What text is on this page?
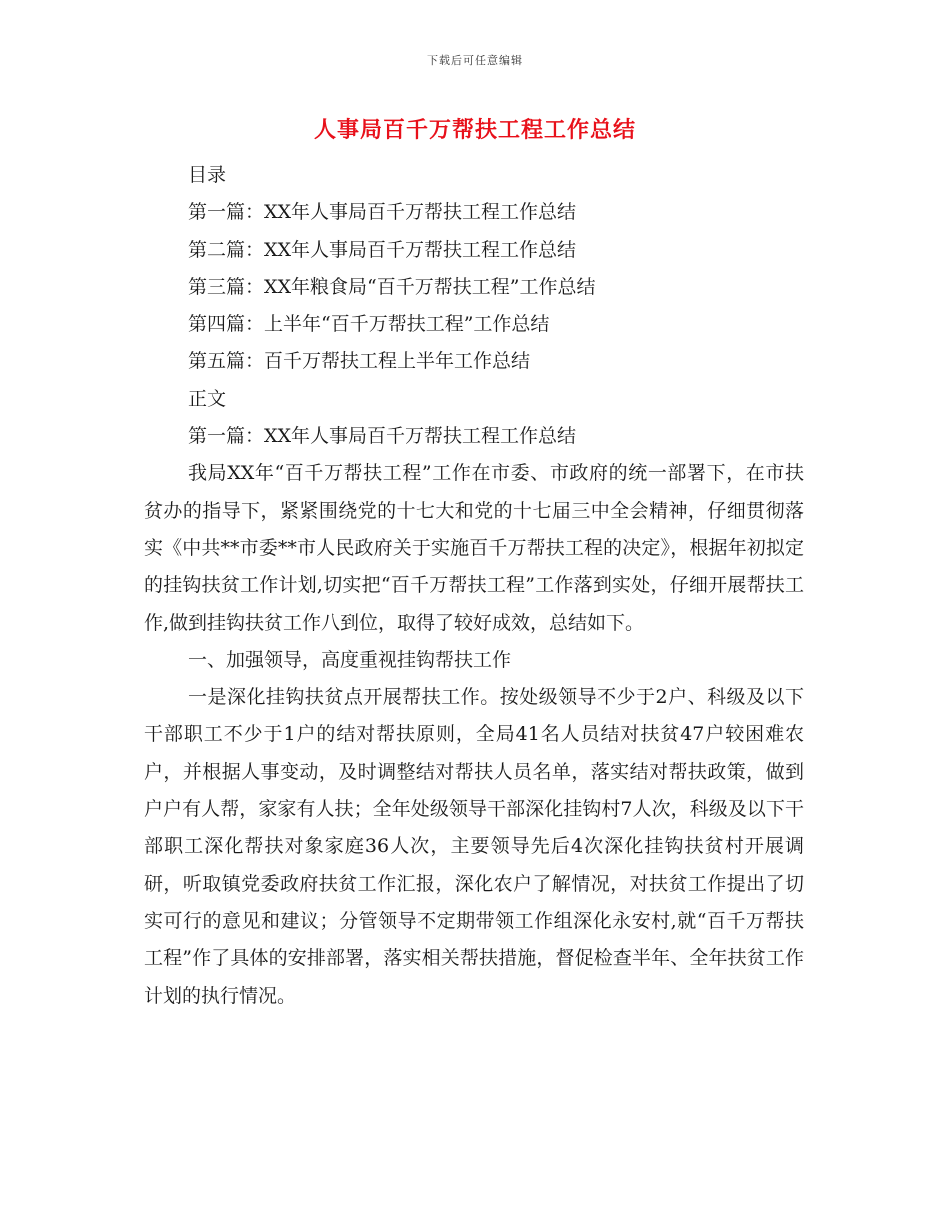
下载后可任意编辑
人事局百千万帮扶工程工作总结
目录
第一篇：XX年人事局百千万帮扶工程工作总结
第二篇：XX年人事局百千万帮扶工程工作总结
第三篇：XX年粮食局“百千万帮扶工程”工作总结
第四篇：上半年“百千万帮扶工程”工作总结
第五篇：百千万帮扶工程上半年工作总结
正文
第一篇：XX年人事局百千万帮扶工程工作总结

我局XX年“百千万帮扶工程”工作在市委、市政府的统一部署下，在市扶贫办的指导下，紧紧围绕党的十七大和党的十七届三中全会精神，仔细贯彻落实《中共**市委**市人民政府关于实施百千万帮扶工程的决定》，根据年初拟定的挂钩扶贫工作计划,切实把“百千万帮扶工程”工作落到实处，仔细开展帮扶工作,做到挂钩扶贫工作八到位，取得了较好成效，总结如下。

一、加强领导，高度重视挂钩帮扶工作

一是深化挂钩扶贫点开展帮扶工作。按处级领导不少于2户、科级及以下干部职工不少于1户的结对帮扶原则，全局41名人员结对扶贫47户较困难农户，并根据人事变动，及时调整结对帮扶人员名单，落实结对帮扶政策，做到户户有人帮，家家有人扶；全年处级领导干部深化挂钩村7人次，科级及以下干部职工深化帮扶对象家庭36人次，主要领导先后4次深化挂钩扶贫村开展调研，听取镇党委政府扶贫工作汇报，深化农户了解情况，对扶贫工作提出了切实可行的意见和建议；分管领导不定期带领工作组深化永安村,就“百千万帮扶工程”作了具体的安排部署，落实相关帮扶措施，督促检查半年、全年扶贫工作计划的执行情况。
